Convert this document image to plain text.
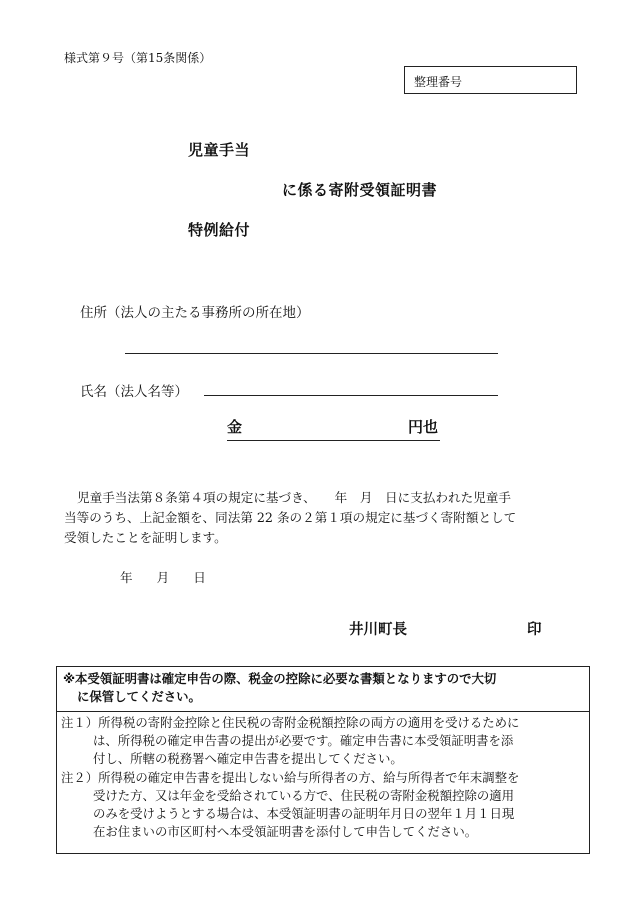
様式第９号（第15条関係）
整理番号
児童手当
に係る寄附受領証明書
特例給付
住所（法人の主たる事務所の所在地）
氏名（法人名等）
金	円也
児童手当法第８条第４項の規定に基づき、　　年　月　日に支払われた児童手
当等のうち、上記金額を、同法第 22 条の２第１項の規定に基づく寄附額として
受領したことを証明します。
年 月 日
井川町長	印
※本受領証明書は確定申告の際、税金の控除に必要な書類となりますので大切
に保管してください。
注１）所得税の寄附金控除と住民税の寄附金税額控除の両方の適用を受けるために
は、所得税の確定申告書の提出が必要です。確定申告書に本受領証明書を添
付し、所轄の税務署へ確定申告書を提出してください。
注２）所得税の確定申告書を提出しない給与所得者の方、給与所得者で年末調整を
受けた方、又は年金を受給されている方で、住民税の寄附金税額控除の適用
のみを受けようとする場合は、本受領証明書の証明年月日の翌年１月１日現
在お住まいの市区町村へ本受領証明書を添付して申告してください。
